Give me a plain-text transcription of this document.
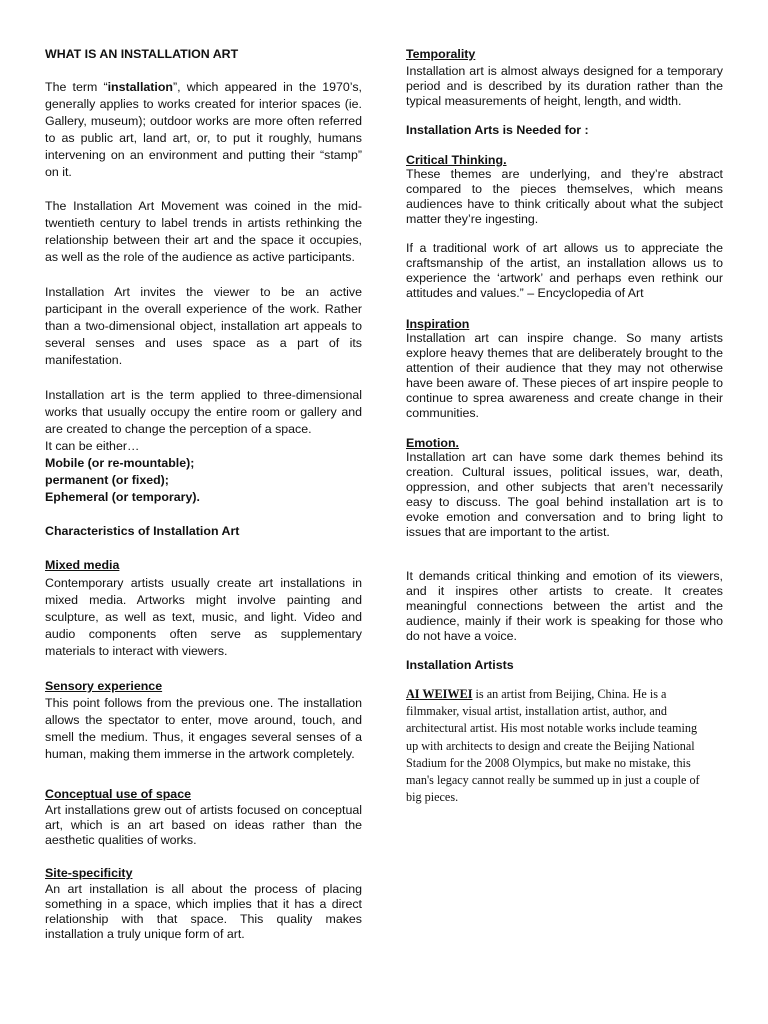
WHAT IS AN INSTALLATION ART

The term “installation”, which appeared in the 1970’s, generally applies to works created for interior spaces (ie. Gallery, museum); outdoor works are more often referred to as public art, land art, or, to put it roughly, humans intervening on an environment and putting their “stamp” on it.

The Installation Art Movement was coined in the mid-twentieth century to label trends in artists rethinking the relationship between their art and the space it occupies, as well as the role of the audience as active participants.

Installation Art invites the viewer to be an active participant in the overall experience of the work. Rather than a two-dimensional object, installation art appeals to several senses and uses space as a part of its manifestation.

Installation art is the term applied to three-dimensional works that usually occupy the entire room or gallery and are created to change the perception of a space.

It can be either…

Mobile (or re-mountable);

permanent (or fixed);

Ephemeral (or temporary).

Characteristics of Installation Art

Mixed media

Contemporary artists usually create art installations in mixed media. Artworks might involve painting and sculpture, as well as text, music, and light. Video and audio components often serve as supplementary materials to interact with viewers.

Sensory experience

This point follows from the previous one. The installation allows the spectator to enter, move around, touch, and smell the medium. Thus, it engages several senses of a human, making them immerse in the artwork completely.

Conceptual use of space

Art installations grew out of artists focused on conceptual art, which is an art based on ideas rather than the aesthetic qualities of works.

Site-specificity

An art installation is all about the process of placing something in a space, which implies that it has a direct relationship with that space. This quality makes installation a truly unique form of art.

Temporality

Installation art is almost always designed for a temporary period and is described by its duration rather than the typical measurements of height, length, and width.

Installation Arts is Needed for :

Critical Thinking.

These themes are underlying, and they’re abstract compared to the pieces themselves, which means audiences have to think critically about what the subject matter they’re ingesting.

If a traditional work of art allows us to appreciate the craftsmanship of the artist, an installation allows us to experience the ‘artwork’ and perhaps even rethink our attitudes and values.” – Encyclopedia of Art

Inspiration

Installation art can inspire change. So many artists explore heavy themes that are deliberately brought to the attention of their audience that they may not otherwise have been aware of. These pieces of art inspire people to continue to sprea awareness and create change in their communities.

Emotion.

Installation art can have some dark themes behind its creation. Cultural issues, political issues, war, death, oppression, and other subjects that aren’t necessarily easy to discuss. The goal behind installation art is to evoke emotion and conversation and to bring light to issues that are important to the artist.

It demands critical thinking and emotion of its viewers, and it inspires other artists to create. It creates meaningful connections between the artist and the audience, mainly if their work is speaking for those who do not have a voice.

Installation Artists

AI WEIWEI is an artist from Beijing, China. He is a
filmmaker, visual artist, installation artist, author, and
architectural artist. His most notable works include teaming
up with architects to design and create the Beijing National
Stadium for the 2008 Olympics, but make no mistake, this
man's legacy cannot really be summed up in just a couple of
big pieces.
